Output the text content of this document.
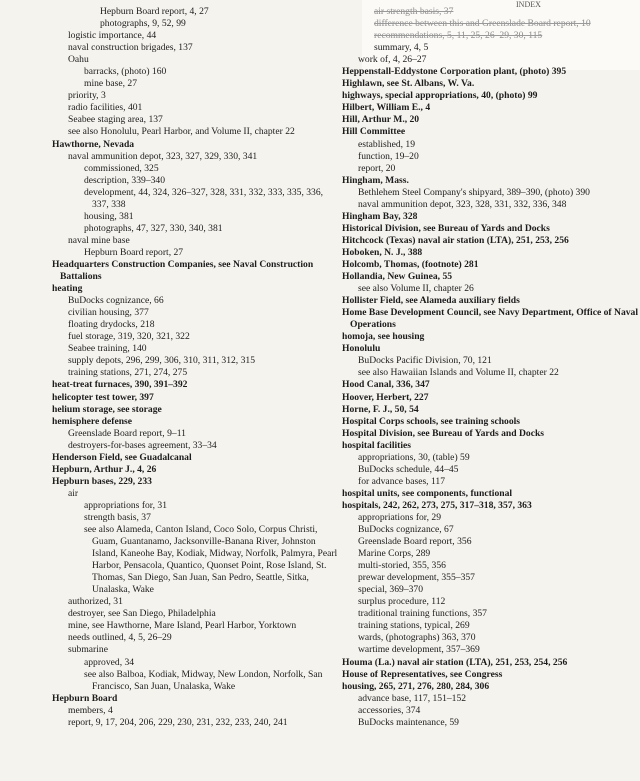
INDEX
Hepburn Board report, 4, 27
photographs, 9, 52, 99
logistic importance, 44
naval construction brigades, 137
Oahu
barracks, (photo) 160
mine base, 27
priority, 3
radio facilities, 401
Seabee staging area, 137
see also Honolulu, Pearl Harbor, and Volume II, chapter 22
Hawthorne, Nevada
naval ammunition depot, 323, 327, 329, 330, 341
commissioned, 325
description, 339–340
development, 44, 324, 326–327, 328, 331, 332, 333, 335, 336, 337, 338
housing, 381
photographs, 47, 327, 330, 340, 381
naval mine base
Hepburn Board report, 27
Headquarters Construction Companies, see Naval Construction Battalions
heating
BuDocks cognizance, 66
civilian housing, 377
floating drydocks, 218
fuel storage, 319, 320, 321, 322
Seabee training, 140
supply depots, 296, 299, 306, 310, 311, 312, 315
training stations, 271, 274, 275
heat-treat furnaces, 390, 391–392
helicopter test tower, 397
helium storage, see storage
hemisphere defense
Greenslade Board report, 9–11
destroyers-for-bases agreement, 33–34
Henderson Field, see Guadalcanal
Hepburn, Arthur J., 4, 26
Hepburn bases, 229, 233
air
appropriations for, 31
strength basis, 37
see also Alameda, Canton Island, Coco Solo, Corpus Christi, Guam, Guantanamo, Jacksonville-Banana River, Johnston Island, Kaneohe Bay, Kodiak, Midway, Norfolk, Palmyra, Pearl Harbor, Pensacola, Quantico, Quonset Point, Rose Island, St. Thomas, San Diego, San Juan, San Pedro, Seattle, Sitka, Unalaska, Wake
authorized, 31
destroyer, see San Diego, Philadelphia
mine, see Hawthorne, Mare Island, Pearl Harbor, Yorktown
needs outlined, 4, 5, 26–29
submarine
approved, 34
see also Balboa, Kodiak, Midway, New London, Norfolk, San Francisco, San Juan, Unalaska, Wake
Hepburn Board
members, 4
report, 9, 17, 204, 206, 229, 230, 231, 232, 233, 240, 241
air strength basis, 37
difference between this and Greenslade Board report, 10
recommendations, 5, 11, 25, 26–29, 30, 115
summary, 4, 5
work of, 4, 26–27
Heppenstall-Eddystone Corporation plant, (photo) 395
Highlawn, see St. Albans, W. Va.
highways, special appropriations, 40, (photo) 99
Hilbert, William E., 4
Hill, Arthur M., 20
Hill Committee
established, 19
function, 19–20
report, 20
Hingham, Mass.
Bethlehem Steel Company's shipyard, 389–390, (photo) 390
naval ammunition depot, 323, 328, 331, 332, 336, 348
Hingham Bay, 328
Historical Division, see Bureau of Yards and Docks
Hitchcock (Texas) naval air station (LTA), 251, 253, 256
Hoboken, N. J., 388
Holcomb, Thomas, (footnote) 281
Hollandia, New Guinea, 55
see also Volume II, chapter 26
Hollister Field, see Alameda auxiliary fields
Home Base Development Council, see Navy Department, Office of Naval Operations
homoja, see housing
Honolulu
BuDocks Pacific Division, 70, 121
see also Hawaiian Islands and Volume II, chapter 22
Hood Canal, 336, 347
Hoover, Herbert, 227
Horne, F. J., 50, 54
Hospital Corps schools, see training schools
Hospital Division, see Bureau of Yards and Docks
hospital facilities
appropriations, 30, (table) 59
BuDocks schedule, 44–45
for advance bases, 117
hospital units, see components, functional
hospitals, 242, 262, 273, 275, 317–318, 357, 363
appropriations for, 29
BuDocks cognizance, 67
Greenslade Board report, 356
Marine Corps, 289
multi-storied, 355, 356
prewar development, 355–357
special, 369–370
surplus procedure, 112
traditional training functions, 357
training stations, typical, 269
wards, (photographs) 363, 370
wartime development, 357–369
Houma (La.) naval air station (LTA), 251, 253, 254, 256
House of Representatives, see Congress
housing, 265, 271, 276, 280, 284, 306
advance base, 117, 151–152
accessories, 374
BuDocks maintenance, 59
